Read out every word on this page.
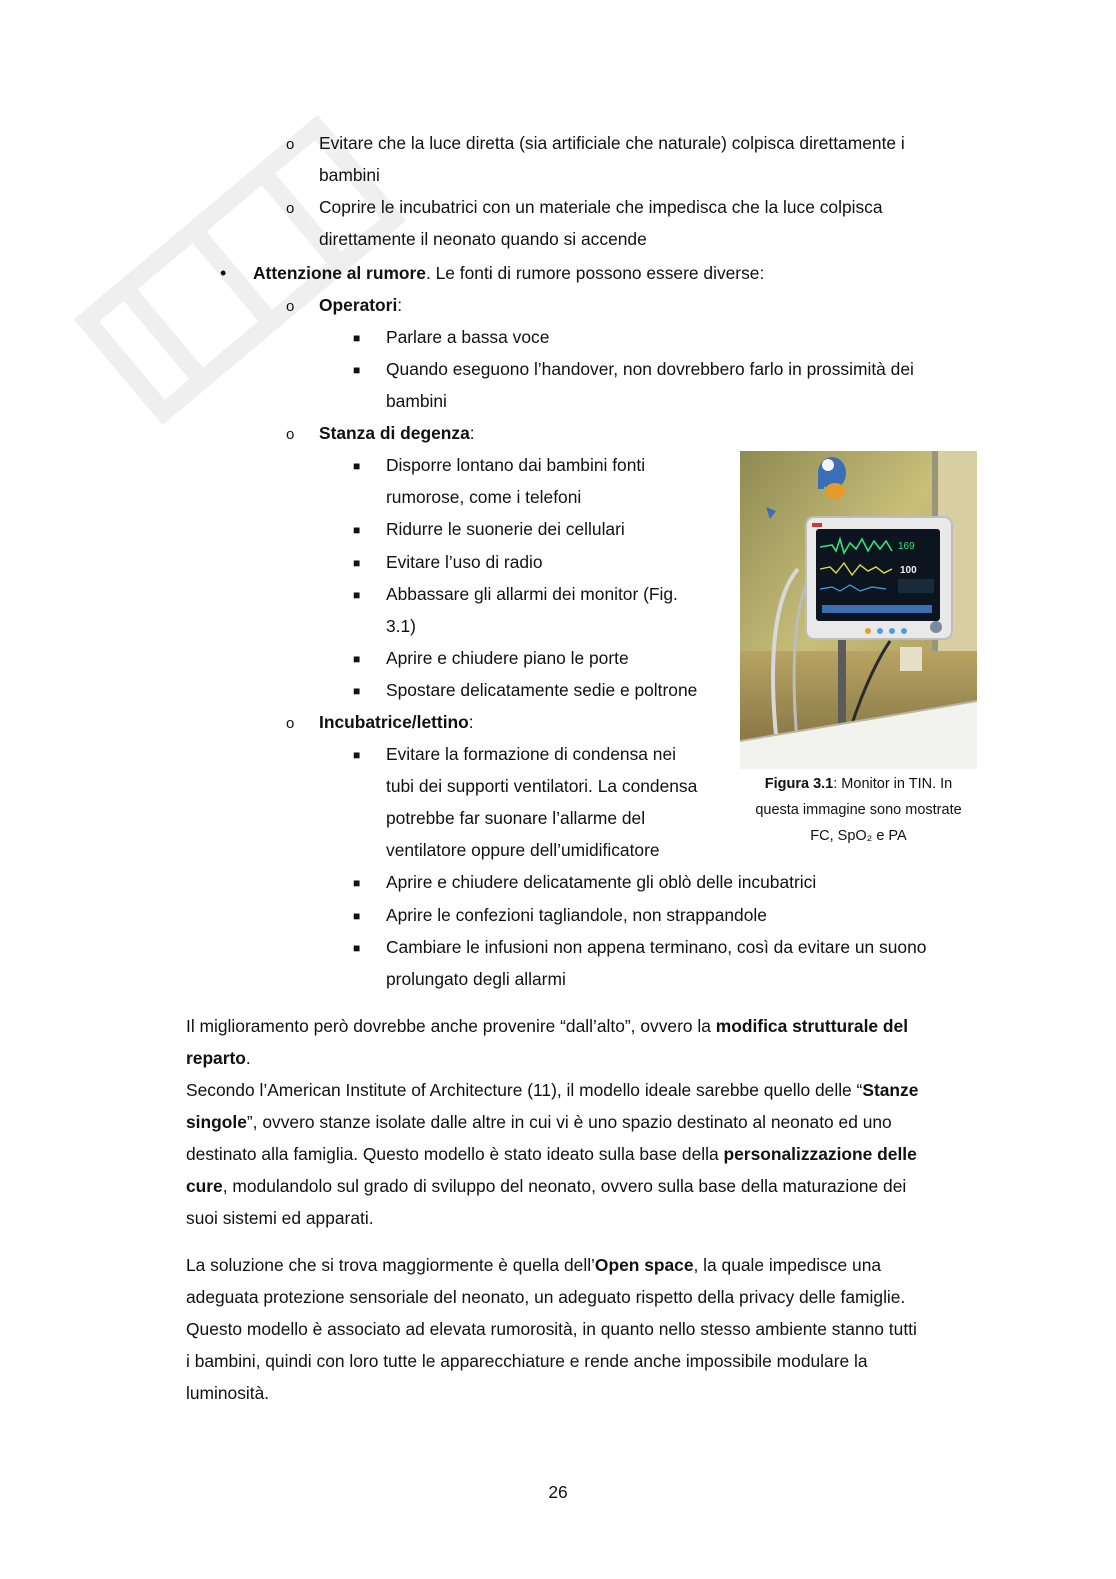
o Evitare che la luce diretta (sia artificiale che naturale) colpisca direttamente i
bambini
o Coprire le incubatrici con un materiale che impedisca che la luce colpisca
direttamente il neonato quando si accende
• Attenzione al rumore. Le fonti di rumore possono essere diverse:
o Operatori:
■ Parlare a bassa voce
■ Quando eseguono l’handover, non dovrebbero farlo in prossimità dei
bambini
o Stanza di degenza:
■ Disporre lontano dai bambini fonti
rumorose, come i telefoni
■ Ridurre le suonerie dei cellulari
■ Evitare l’uso di radio
■ Abbassare gli allarmi dei monitor (Fig.
3.1)
■ Aprire e chiudere piano le porte
■ Spostare delicatamente sedie e poltrone
o Incubatrice/lettino:
■ Evitare la formazione di condensa nei
tubi dei supporti ventilatori. La condensa
potrebbe far suonare l’allarme del
ventilatore oppure dell’umidificatore
■ Aprire e chiudere delicatamente gli oblò delle incubatrici
■ Aprire le confezioni tagliandole, non strappandole
■ Cambiare le infusioni non appena terminano, così da evitare un suono
prolungato degli allarmi
169
100
Figura 3.1: Monitor in TIN. In
questa immagine sono mostrate
FC, SpO₂ e PA
Il miglioramento però dovrebbe anche provenire “dall’alto”, ovvero la modifica strutturale del
reparto.
Secondo l’American Institute of Architecture (11), il modello ideale sarebbe quello delle “Stanze
singole”, ovvero stanze isolate dalle altre in cui vi è uno spazio destinato al neonato ed uno
destinato alla famiglia. Questo modello è stato ideato sulla base della personalizzazione delle
cure, modulandolo sul grado di sviluppo del neonato, ovvero sulla base della maturazione dei
suoi sistemi ed apparati.
La soluzione che si trova maggiormente è quella dell’Open space, la quale impedisce una
adeguata protezione sensoriale del neonato, un adeguato rispetto della privacy delle famiglie.
Questo modello è associato ad elevata rumorosità, in quanto nello stesso ambiente stanno tutti
i bambini, quindi con loro tutte le apparecchiature e rende anche impossibile modulare la
luminosità.
26
